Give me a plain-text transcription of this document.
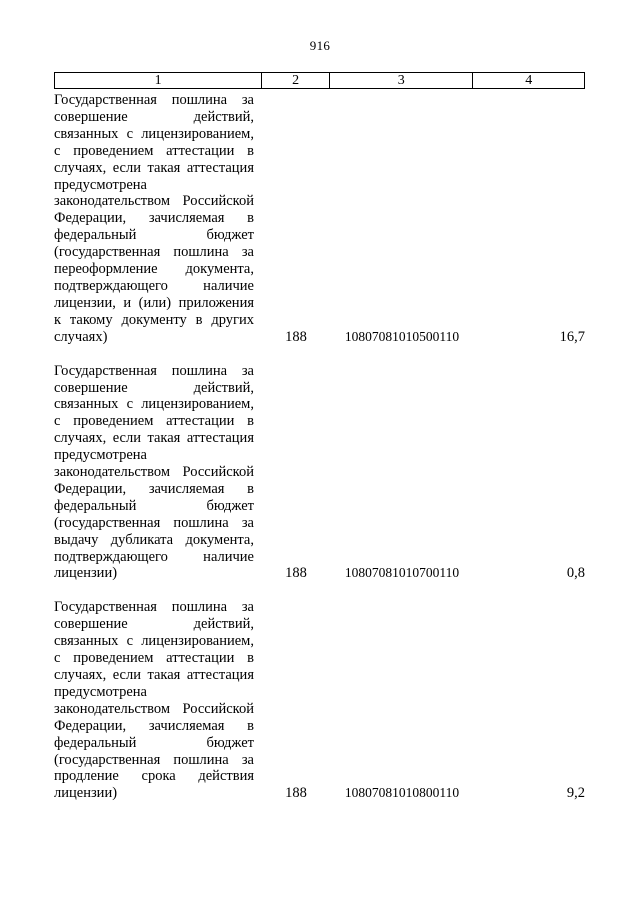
916
1	2	3	4
Государственная пошлина за
совершение действий,
связанных с лицензированием,
с проведением аттестации в
случаях, если такая аттестация
предусмотрена
законодательством Российской
Федерации, зачисляемая в
федеральный бюджет
(государственная пошлина за
переоформление документа,
подтверждающего наличие
лицензии, и (или) приложения
к такому документу в других
случаях)	188	10807081010500110	16,7
Государственная пошлина за
совершение действий,
связанных с лицензированием,
с проведением аттестации в
случаях, если такая аттестация
предусмотрена
законодательством Российской
Федерации, зачисляемая в
федеральный бюджет
(государственная пошлина за
выдачу дубликата документа,
подтверждающего наличие
лицензии)	188	10807081010700110	0,8
Государственная пошлина за
совершение действий,
связанных с лицензированием,
с проведением аттестации в
случаях, если такая аттестация
предусмотрена
законодательством Российской
Федерации, зачисляемая в
федеральный бюджет
(государственная пошлина за
продление срока действия
лицензии)	188	10807081010800110	9,2
